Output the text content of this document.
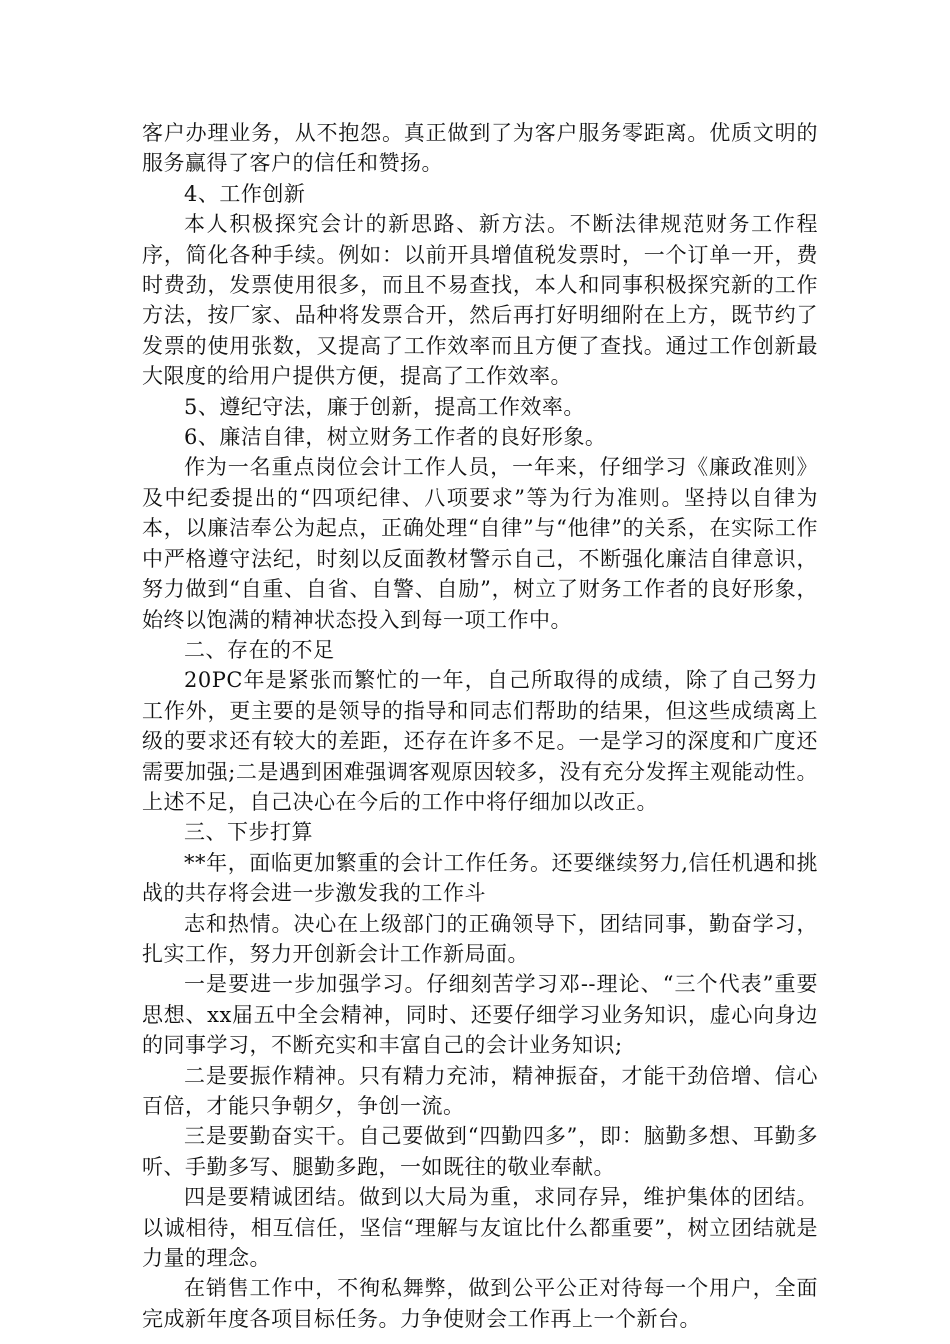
客户办理业务，从不抱怨。真正做到了为客户服务零距离。优质文明的服务赢得了客户的信任和赞扬。

4、工作创新

本人积极探究会计的新思路、新方法。不断法律规范财务工作程序，简化各种手续。例如：以前开具增值税发票时，一个订单一开，费时费劲，发票使用很多，而且不易查找，本人和同事积极探究新的工作方法，按厂家、品种将发票合开，然后再打好明细附在上方，既节约了发票的使用张数，又提高了工作效率而且方便了查找。通过工作创新最大限度的给用户提供方便，提高了工作效率。

5、遵纪守法，廉于创新，提高工作效率。

6、廉洁自律，树立财务工作者的良好形象。

作为一名重点岗位会计工作人员，一年来，仔细学习《廉政准则》及中纪委提出的“四项纪律、八项要求”等为行为准则。坚持以自律为本，以廉洁奉公为起点，正确处理“自律”与“他律”的关系，在实际工作中严格遵守法纪，时刻以反面教材警示自己，不断强化廉洁自律意识，努力做到“自重、自省、自警、自励”，树立了财务工作者的良好形象，始终以饱满的精神状态投入到每一项工作中。

二、存在的不足

20PC年是紧张而繁忙的一年，自己所取得的成绩，除了自己努力工作外，更主要的是领导的指导和同志们帮助的结果，但这些成绩离上级的要求还有较大的差距，还存在许多不足。一是学习的深度和广度还需要加强;二是遇到困难强调客观原因较多，没有充分发挥主观能动性。上述不足，自己决心在今后的工作中将仔细加以改正。

三、下步打算

**年，面临更加繁重的会计工作任务。还要继续努力,信任机遇和挑战的共存将会进一步激发我的工作斗

志和热情。决心在上级部门的正确领导下，团结同事，勤奋学习，扎实工作，努力开创新会计工作新局面。

一是要进一步加强学习。仔细刻苦学习邓--理论、“三个代表”重要思想、xx届五中全会精神，同时、还要仔细学习业务知识，虚心向身边的同事学习，不断充实和丰富自己的会计业务知识;

二是要振作精神。只有精力充沛，精神振奋，才能干劲倍增、信心百倍，才能只争朝夕，争创一流。

三是要勤奋实干。自己要做到“四勤四多”，即：脑勤多想、耳勤多听、手勤多写、腿勤多跑，一如既往的敬业奉献。

四是要精诚团结。做到以大局为重，求同存异，维护集体的团结。以诚相待，相互信任，坚信“理解与友谊比什么都重要”，树立团结就是力量的理念。

在销售工作中，不徇私舞弊，做到公平公正对待每一个用户，全面完成新年度各项目标任务。力争使财会工作再上一个新台。
